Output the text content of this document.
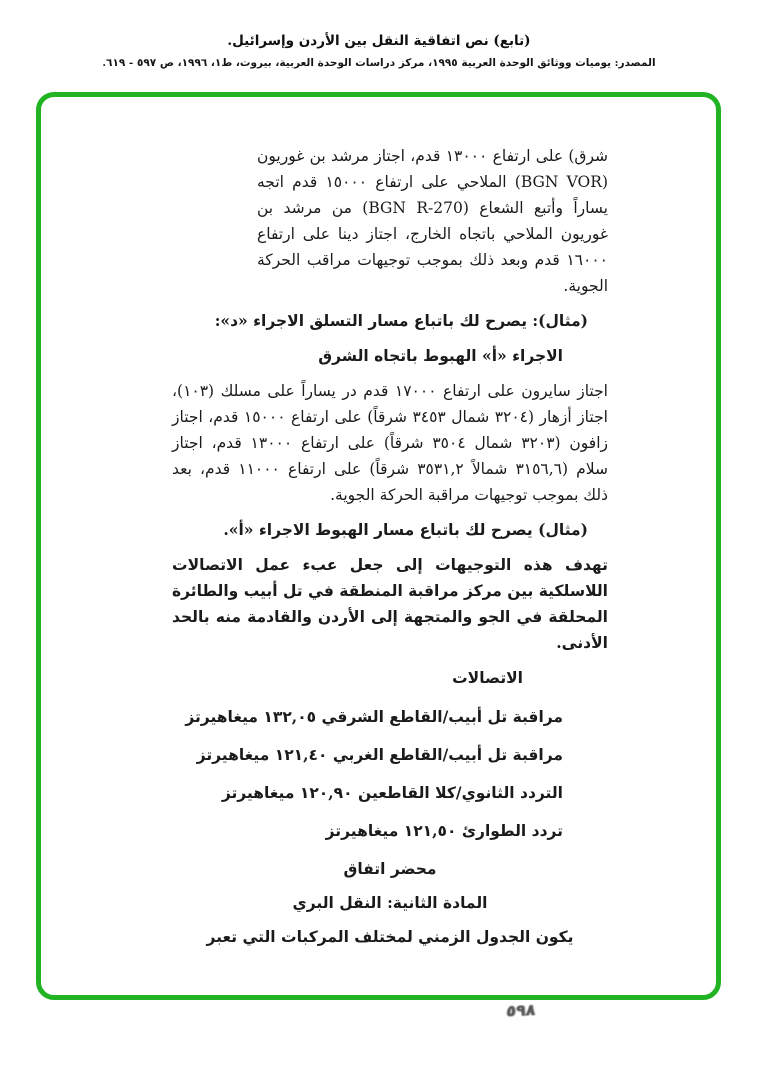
(تابع) نص اتفاقية النقل بين الأردن وإسرائيل.
المصدر: يوميات ووثائق الوحدة العربية ١٩٩٥، مركز دراسات الوحدة العربية، بيروت، ط١، ١٩٩٦، ص ٥٩٧ - ٦١٩.

شرق) على ارتفاع ١٣٠٠٠ قدم، اجتاز مرشد بن غوريون (BGN VOR) الملاحي على ارتفاع ١٥٠٠٠ قدم اتجه يساراً وأتبع الشعاع (BGN R-270) من مرشد بن غوريون الملاحي باتجاه الخارج، اجتاز دينا على ارتفاع ١٦٠٠٠ قدم وبعد ذلك بموجب توجيهات مراقب الحركة الجوية.

(مثال): يصرح لك باتباع مسار التسلق الاجراء «د»:

الاجراء «أ» الهبوط باتجاه الشرق

اجتاز سايرون على ارتفاع ١٧٠٠٠ قدم در يساراً على مسلك (١٠٣)، اجتاز أزهار (٣٢٠٤ شمال ٣٤٥٣ شرقاً) على ارتفاع ١٥٠٠٠ قدم، اجتاز زافون (٣٢٠٣ شمال ٣٥٠٤ شرقاً) على ارتفاع ١٣٠٠٠ قدم، اجتاز سلام (٣١٥٦,٦ شمالاً ٣٥٣١,٢ شرقاً) على ارتفاع ١١٠٠٠ قدم، بعد ذلك بموجب توجيهات مراقبة الحركة الجوية.

(مثال) يصرح لك باتباع مسار الهبوط الاجراء «أ».

تهدف هذه التوجيهات إلى جعل عبء عمل الاتصالات اللاسلكية بين مركز مراقبة المنطقة في تل أبيب والطائرة المحلقة في الجو والمتجهة إلى الأردن والقادمة منه بالحد الأدنى.

الاتصالات

مراقبة تل أبيب/القاطع الشرقي ١٣٢,٠٥ ميغاهيرتز

مراقبة تل أبيب/القاطع الغربي ١٢١,٤٠ ميغاهيرتز

التردد الثانوي/كلا القاطعين ١٢٠,٩٠ ميغاهيرتز

تردد الطوارئ ١٢١,٥٠ ميغاهيرتز

محضر اتفاق

المادة الثانية: النقل البري

يكون الجدول الزمني لمختلف المركبات التي تعبر

٥٩٨
